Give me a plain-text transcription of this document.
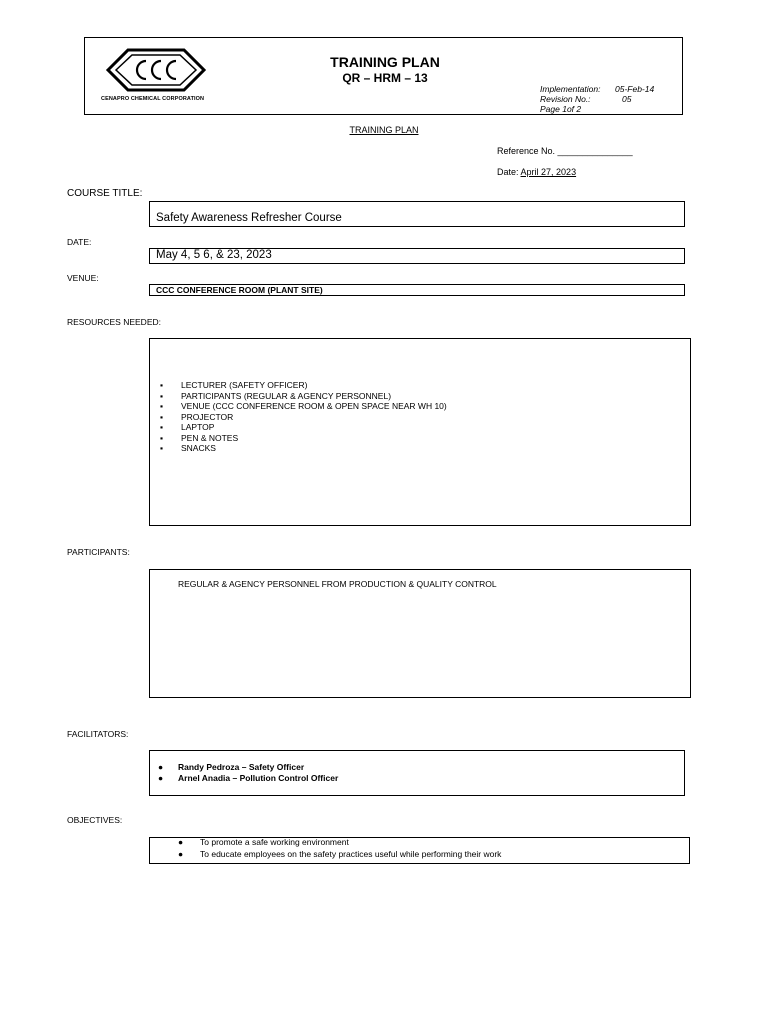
CENAPRO CHEMICAL CORPORATION
TRAINING PLAN
QR – HRM – 13
Implementation: 05-Feb-14
Revision No.:	05
Page 1of 2
TRAINING PLAN
Reference No. _______________
Date: April 27, 2023
COURSE TITLE:
Safety Awareness Refresher Course
DATE:
May 4, 5 6, & 23, 2023
VENUE:
CCC CONFERENCE ROOM (PLANT SITE)
RESOURCES NEEDED:
▪ LECTURER (SAFETY OFFICER)
▪ PARTICIPANTS (REGULAR & AGENCY PERSONNEL)
▪ VENUE (CCC CONFERENCE ROOM & OPEN SPACE NEAR WH 10)
▪ PROJECTOR
▪ LAPTOP
▪ PEN & NOTES
▪ SNACKS
PARTICIPANTS:
REGULAR & AGENCY PERSONNEL FROM PRODUCTION & QUALITY CONTROL
FACILITATORS:
● Randy Pedroza – Safety Officer
● Arnel Anadia – Pollution Control Officer
OBJECTIVES:
● To promote a safe working environment
● To educate employees on the safety practices useful while performing their work
